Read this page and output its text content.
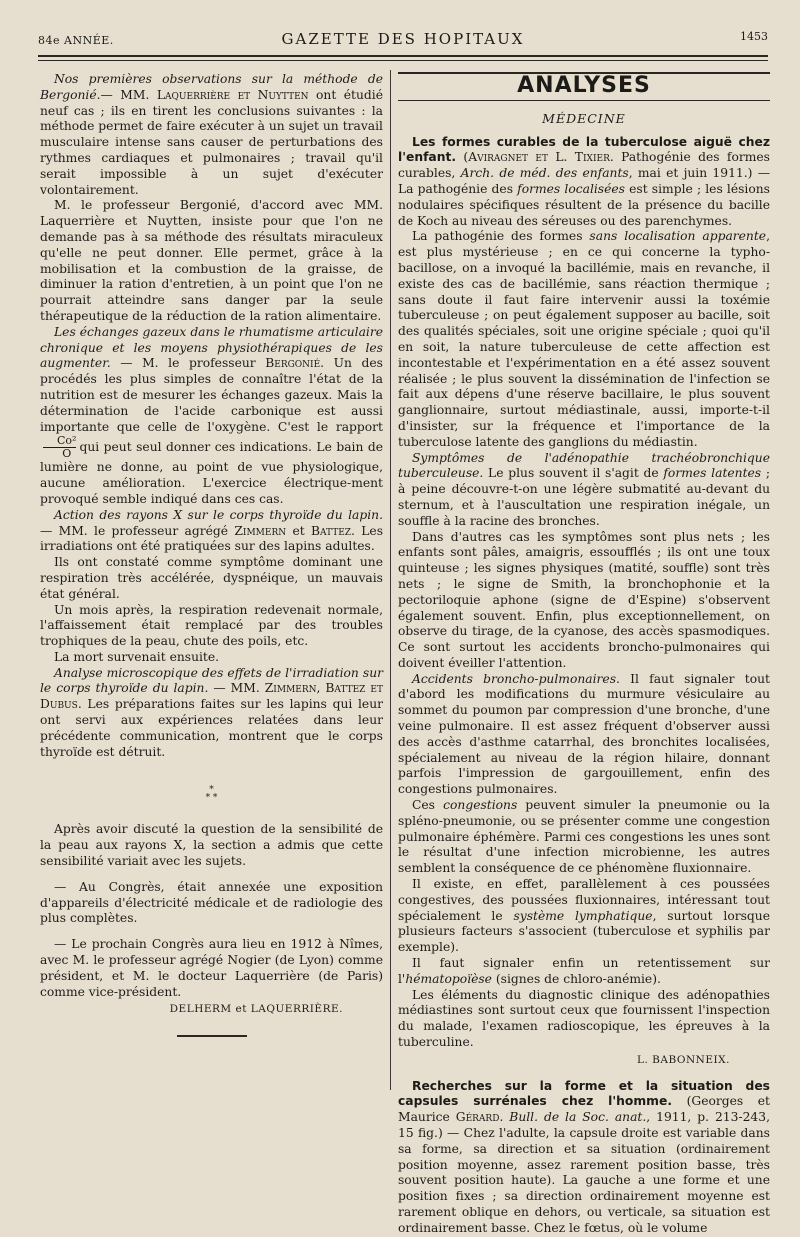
84e ANNÉE.	GAZETTE DES HOPITAUX	1453

Nos premières observations sur la méthode de Bergonié.— MM. Laquerrière et Nuytten ont étudié neuf cas ; ils en tirent les conclusions suivantes : la méthode permet de faire exécuter à un sujet un travail musculaire intense sans causer de perturbations des rythmes cardiaques et pulmonaires ; travail qu'il serait impossible à un sujet d'exécuter volontairement.

M. le professeur Bergonié, d'accord avec MM. Laquerrière et Nuytten, insiste pour que l'on ne demande pas à sa méthode des résultats miraculeux qu'elle ne peut donner. Elle permet, grâce à la mobilisation et la combustion de la graisse, de diminuer la ration d'entretien, à un point que l'on ne pourrait atteindre sans danger par la seule thérapeutique de la réduction de la ration alimentaire.

Les échanges gazeux dans le rhumatisme articulaire chronique et les moyens physiothérapiques de les augmenter. — M. le professeur Bergonié. Un des procédés les plus simples de connaître l'état de la nutrition est de mesurer les échanges gazeux. Mais la détermination de l'acide carbonique est aussi importante que celle de l'oxygène. C'est le rapport
$\frac{\text{Co²}}{O}$ qui peut seul donner ces indications. Le bain de lumière ne donne, au point de vue physiologique, aucune amélioration. L'exercice électrique-ment provoqué semble indiqué dans ces cas.

Action des rayons X sur le corps thyroïde du lapin. — MM. le professeur agrégé Zimmern et Battez. Les irradiations ont été pratiquées sur des lapins adultes.

Ils ont constaté comme symptôme dominant une respiration très accélérée, dyspnéique, un mauvais état général.

Un mois après, la respiration redevenait normale, l'affaissement était remplacé par des troubles trophiques de la peau, chute des poils, etc.

La mort survenait ensuite.

Analyse microscopique des effets de l'irradiation sur le corps thyroïde du lapin. — MM. Zimmern, Battez et Dubus. Les préparations faites sur les lapins qui leur ont servi aux expériences relatées dans leur précédente communication, montrent que le corps thyroïde est détruit.

*
* *

Après avoir discuté la question de la sensibilité de la peau aux rayons X, la section a admis que cette sensibilité variait avec les sujets.

— Au Congrès, était annexée une exposition d'appareils d'électricité médicale et de radiologie des plus complètes.

— Le prochain Congrès aura lieu en 1912 à Nîmes, avec M. le professeur agrégé Nogier (de Lyon) comme président, et M. le docteur Laquerrière (de Paris) comme vice-président.

DELHERM et LAQUERRIÈRE.

ANALYSES
MÉDECINE

Les formes curables de la tuberculose aiguë chez l'enfant. (Aviragnet et L. Tixier. Pathogénie des formes curables, Arch. de méd. des enfants, mai et juin 1911.) — La pathogénie des formes localisées est simple ; les lésions nodulaires spécifiques résultent de la présence du bacille de Koch au niveau des séreuses ou des parenchymes.

La pathogénie des formes sans localisation apparente, est plus mystérieuse ; en ce qui concerne la typho-bacillose, on a invoqué la bacillémie, mais en revanche, il existe des cas de bacillémie, sans réaction thermique ; sans doute il faut faire intervenir aussi la toxémie tuberculeuse ; on peut également supposer au bacille, soit des qualités spéciales, soit une origine spéciale ; quoi qu'il en soit, la nature tuberculeuse de cette affection est incontestable et l'expérimentation en a été assez souvent réalisée ; le plus souvent la dissémination de l'infection se fait aux dépens d'une réserve bacillaire, le plus souvent ganglionnaire, surtout médiastinale, aussi, importe-t-il d'insister, sur la fréquence et l'importance de la tuberculose latente des ganglions du médiastin.

Symptômes de l'adénopathie trachéobronchique tuberculeuse. Le plus souvent il s'agit de formes latentes ; à peine découvre-t-on une légère submatité au-devant du sternum, et à l'auscultation une respiration inégale, un souffle à la racine des bronches.

Dans d'autres cas les symptômes sont plus nets ; les enfants sont pâles, amaigris, essoufflés ; ils ont une toux quinteuse ; les signes physiques (matité, souffle) sont très nets ; le signe de Smith, la bronchophonie et la pectoriloquie aphone (signe de d'Espine) s'observent également souvent. Enfin, plus exceptionnellement, on observe du tirage, de la cyanose, des accès spasmodiques. Ce sont surtout les accidents broncho-pulmonaires qui doivent éveiller l'attention.

Accidents broncho-pulmonaires. Il faut signaler tout d'abord les modifications du murmure vésiculaire au sommet du poumon par compression d'une bronche, d'une veine pulmonaire. Il est assez fréquent d'observer aussi des accès d'asthme catarrhal, des bronchites localisées, spécialement au niveau de la région hilaire, donnant parfois l'impression de gargouillement, enfin des congestions pulmonaires.

Ces congestions peuvent simuler la pneumonie ou la spléno-pneumonie, ou se présenter comme une congestion pulmonaire éphémère. Parmi ces congestions les unes sont le résultat d'une infection microbienne, les autres semblent la conséquence de ce phénomène fluxionnaire.

Il existe, en effet, parallèlement à ces poussées congestives, des poussées fluxionnaires, intéressant tout spécialement le système lymphatique, surtout lorsque plusieurs facteurs s'associent (tuberculose et syphilis par exemple).

Il faut signaler enfin un retentissement sur l'hématopoïèse (signes de chloro-anémie).

Les éléments du diagnostic clinique des adénopathies médiastines sont surtout ceux que fournissent l'inspection du malade, l'examen radioscopique, les épreuves à la tuberculine.

L. BABONNEIX.

Recherches sur la forme et la situation des capsules surrénales chez l'homme. (Georges et Maurice Gérard. Bull. de la Soc. anat., 1911, p. 213-243, 15 fig.) — Chez l'adulte, la capsule droite est variable dans sa forme, sa direction et sa situation (ordinairement position moyenne, assez rarement position basse, très souvent position haute). La gauche a une forme et une position fixes ; sa direction ordinairement moyenne est rarement oblique en dehors, ou verticale, sa situation est ordinairement basse. Chez le fœtus, où le volume
